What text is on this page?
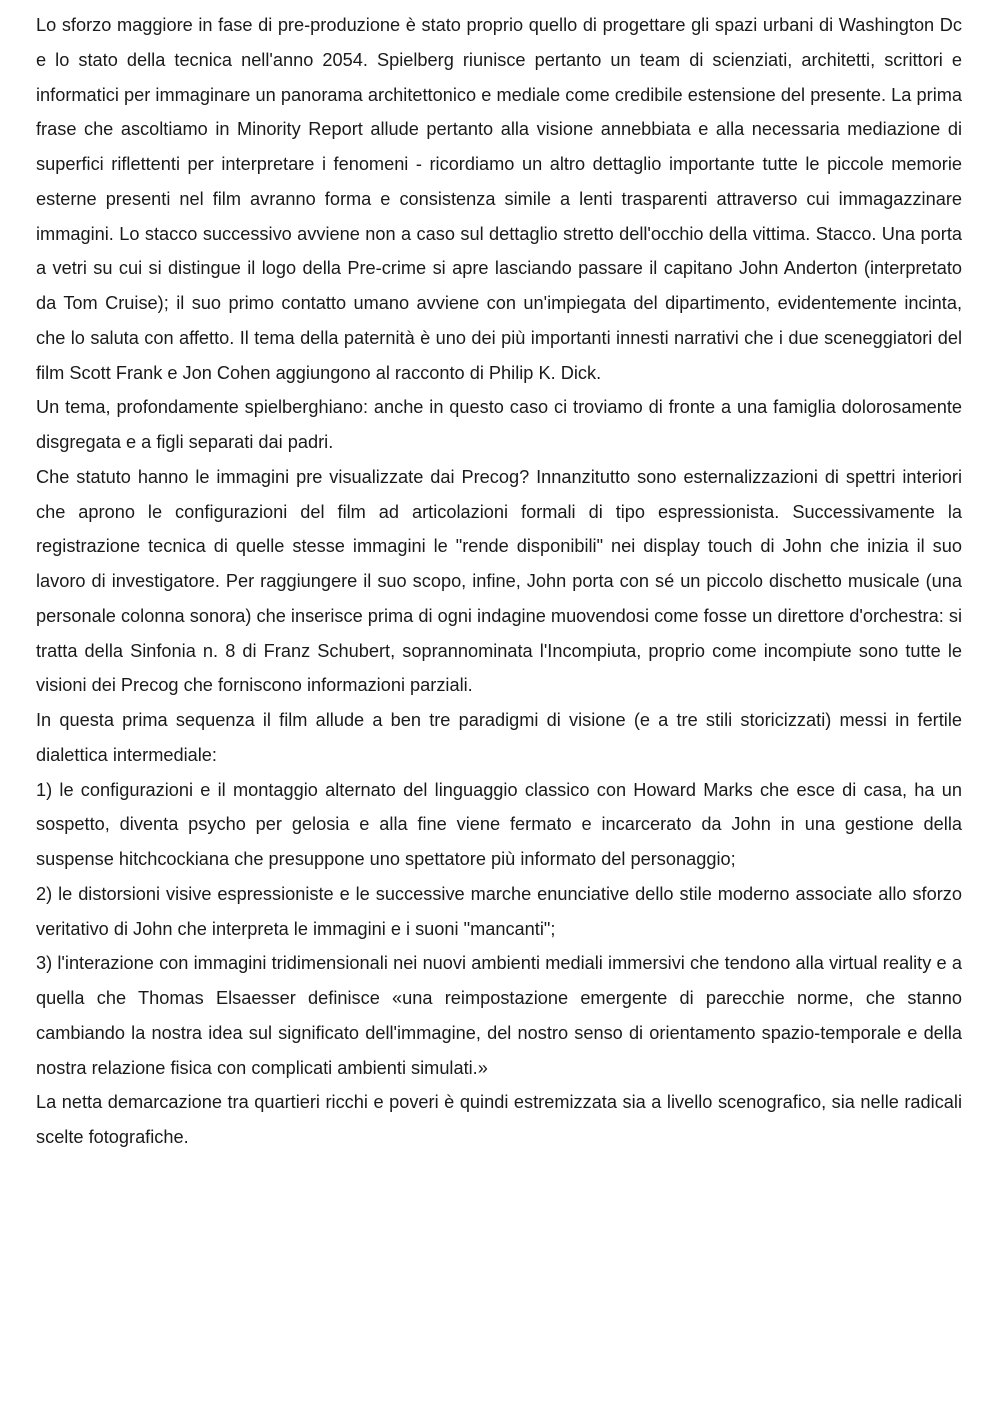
Lo sforzo maggiore in fase di pre-produzione è stato proprio quello di progettare gli spazi urbani di Washington Dc e lo stato della tecnica nell'anno 2054. Spielberg riunisce pertanto un team di scienziati, architetti, scrittori e informatici per immaginare un panorama architettonico e mediale come credibile estensione del presente. La prima frase che ascoltiamo in Minority Report allude pertanto alla visione annebbiata e alla necessaria mediazione di superfici riflettenti per interpretare i fenomeni - ricordiamo un altro dettaglio importante tutte le piccole memorie esterne presenti nel film avranno forma e consistenza simile a lenti trasparenti attraverso cui immagazzinare immagini. Lo stacco successivo avviene non a caso sul dettaglio stretto dell'occhio della vittima. Stacco. Una porta a vetri su cui si distingue il logo della Pre-crime si apre lasciando passare il capitano John Anderton (interpretato da Tom Cruise); il suo primo contatto umano avviene con un'impiegata del dipartimento, evidentemente incinta, che lo saluta con affetto. Il tema della paternità è uno dei più importanti innesti narrativi che i due sceneggiatori del film Scott Frank e Jon Cohen aggiungono al racconto di Philip K. Dick.

Un tema, profondamente spielberghiano: anche in questo caso ci troviamo di fronte a una famiglia dolorosamente disgregata e a figli separati dai padri.

Che statuto hanno le immagini pre visualizzate dai Precog? Innanzitutto sono esternalizzazioni di spettri interiori che aprono le configurazioni del film ad articolazioni formali di tipo espressionista. Successivamente la registrazione tecnica di quelle stesse immagini le "rende disponibili" nei display touch di John che inizia il suo lavoro di investigatore. Per raggiungere il suo scopo, infine, John porta con sé un piccolo dischetto musicale (una personale colonna sonora) che inserisce prima di ogni indagine muovendosi come fosse un direttore d'orchestra: si tratta della Sinfonia n. 8 di Franz Schubert, soprannominata l'Incompiuta, proprio come incompiute sono tutte le visioni dei Precog che forniscono informazioni parziali.

In questa prima sequenza il film allude a ben tre paradigmi di visione (e a tre stili storicizzati) messi in fertile dialettica intermediale:

1) le configurazioni e il montaggio alternato del linguaggio classico con Howard Marks che esce di casa, ha un sospetto, diventa psycho per gelosia e alla fine viene fermato e incarcerato da John in una gestione della suspense hitchcockiana che presuppone uno spettatore più informato del personaggio;

2) le distorsioni visive espressioniste e le successive marche enunciative dello stile moderno associate allo sforzo veritativo di John che interpreta le immagini e i suoni "mancanti";

3) l'interazione con immagini tridimensionali nei nuovi ambienti mediali immersivi che tendono alla virtual reality e a quella che Thomas Elsaesser definisce «una reimpostazione emergente di parecchie norme, che stanno cambiando la nostra idea sul significato dell'immagine, del nostro senso di orientamento spazio-temporale e della nostra relazione fisica con complicati ambienti simulati.»

La netta demarcazione tra quartieri ricchi e poveri è quindi estremizzata sia a livello scenografico, sia nelle radicali scelte fotografiche.
